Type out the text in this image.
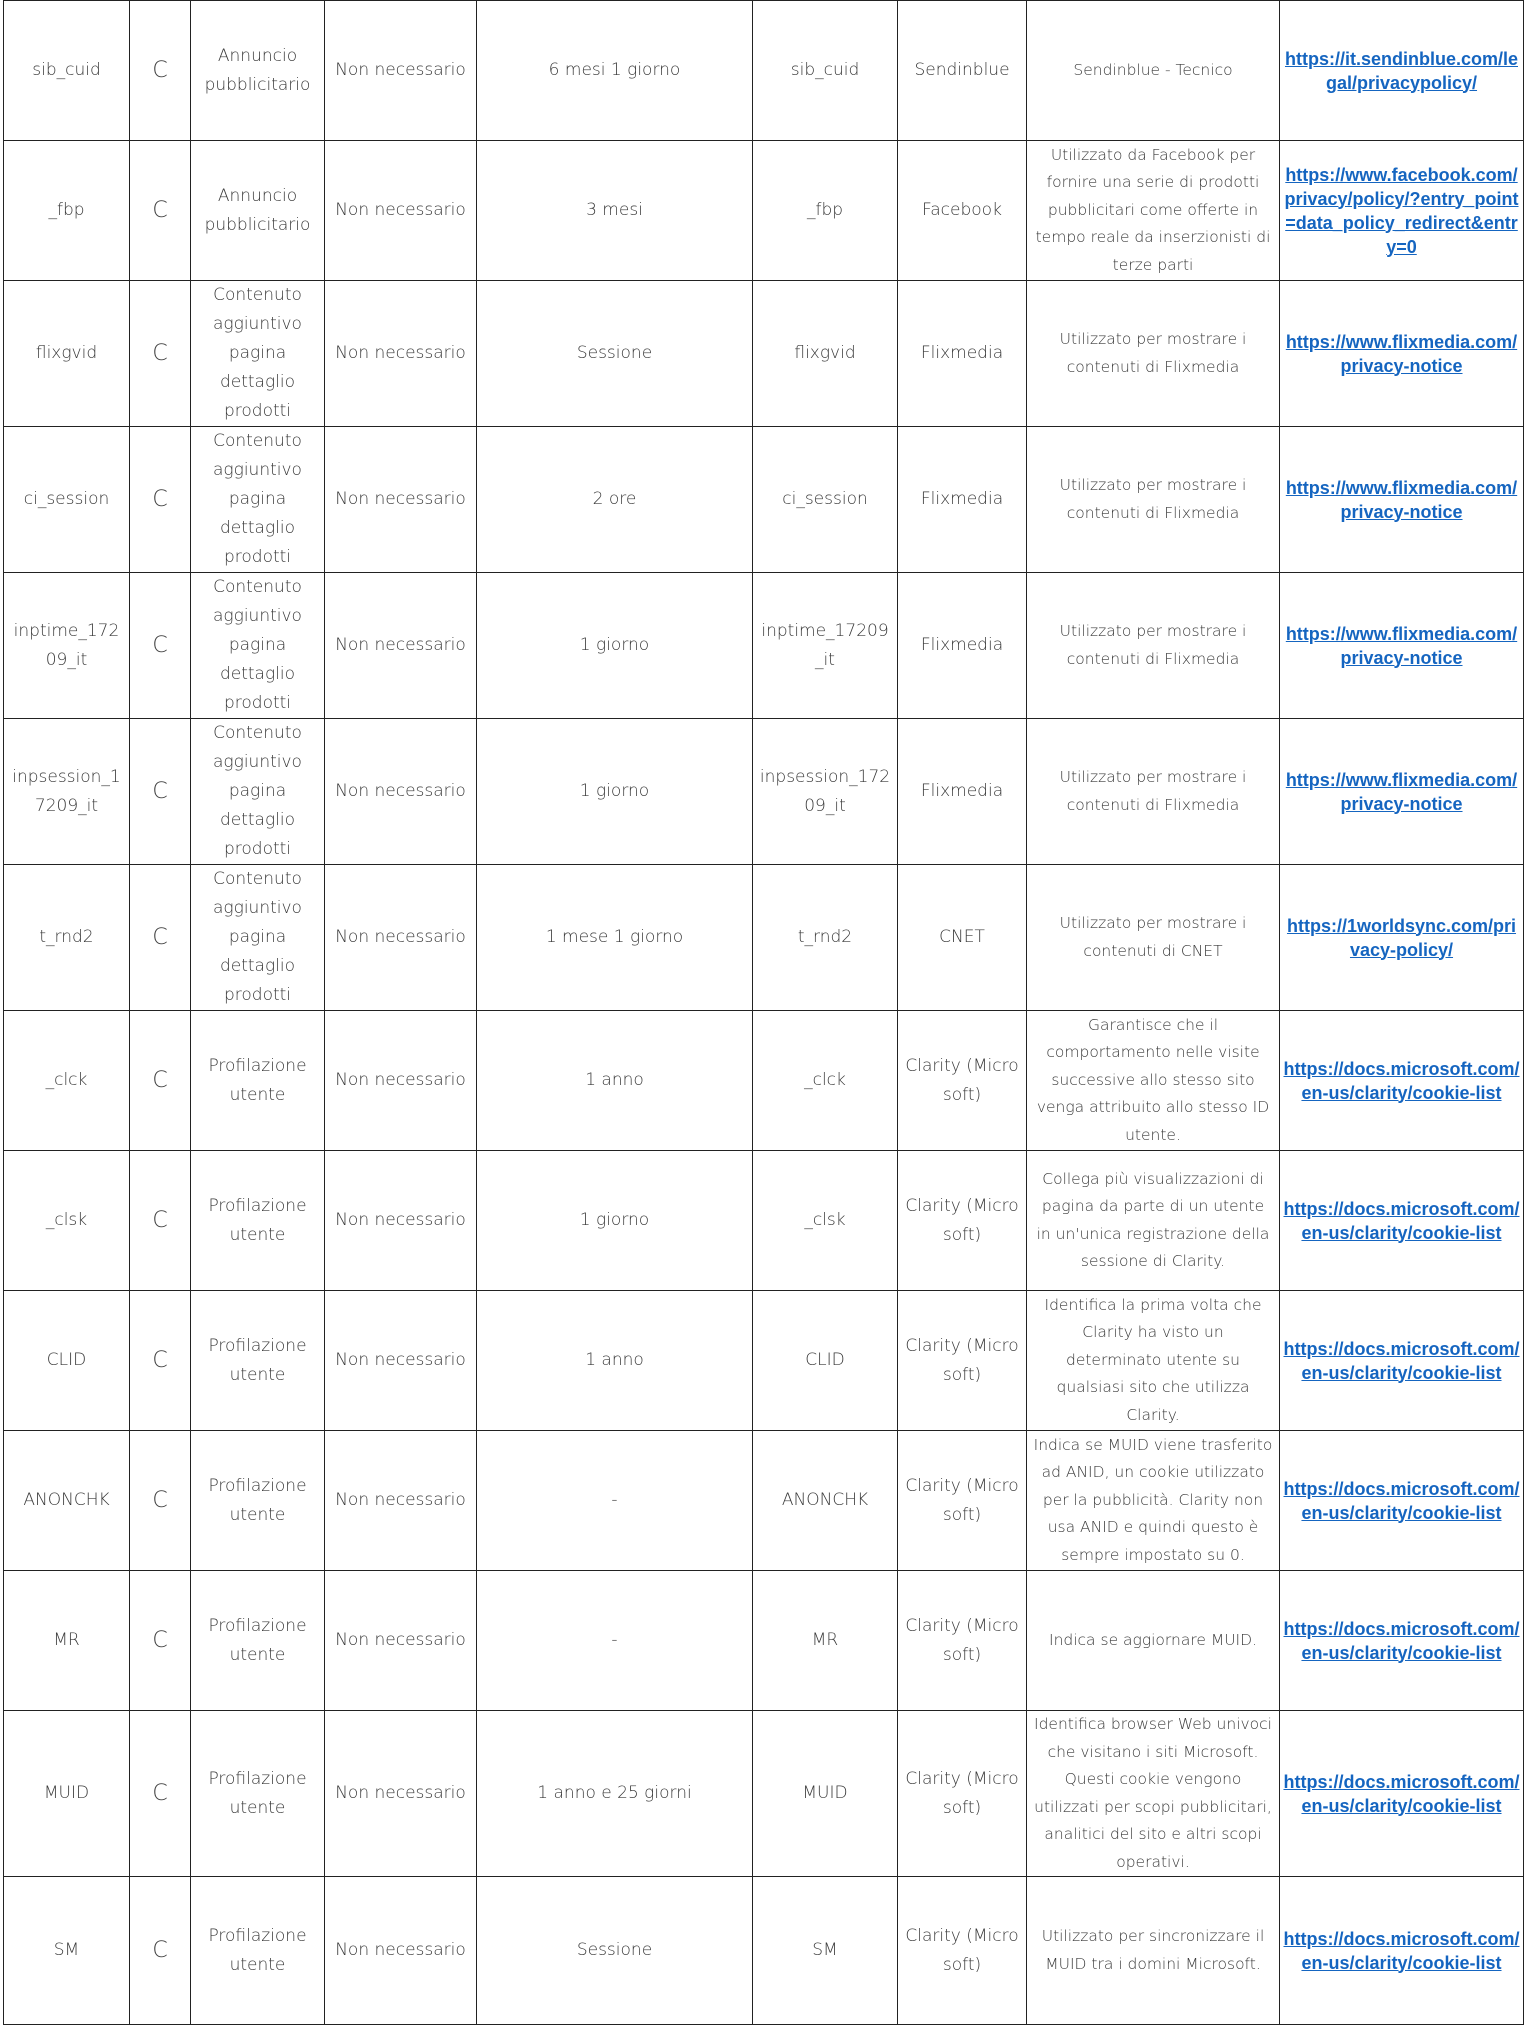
sib_cuid	C	Annuncio pubblicitario	Non necessario	6 mesi 1 giorno	sib_cuid	Sendinblue	Sendinblue - Tecnico	https://it.sendinblue.com/legal/privacypolicy/

_fbp	C	Annuncio pubblicitario	Non necessario	3 mesi	_fbp	Facebook	Utilizzato da Facebook per fornire una serie di prodotti pubblicitari come offerte in tempo reale da inserzionisti di terze parti	https://www.facebook.com/privacy/policy/?entry_point=data_policy_redirect&entry=0

flixgvid	C	Contenuto aggiuntivo pagina dettaglio prodotti	Non necessario	Sessione	flixgvid	Flixmedia	Utilizzato per mostrare i contenuti di Flixmedia	https://www.flixmedia.com/privacy-notice

ci_session	C	Contenuto aggiuntivo pagina dettaglio prodotti	Non necessario	2 ore	ci_session	Flixmedia	Utilizzato per mostrare i contenuti di Flixmedia	https://www.flixmedia.com/privacy-notice

inptime_17209_it	C	Contenuto aggiuntivo pagina dettaglio prodotti	Non necessario	1 giorno	inptime_17209_it	Flixmedia	Utilizzato per mostrare i contenuti di Flixmedia	https://www.flixmedia.com/privacy-notice

inpsession_17209_it	C	Contenuto aggiuntivo pagina dettaglio prodotti	Non necessario	1 giorno	inpsession_17209_it	Flixmedia	Utilizzato per mostrare i contenuti di Flixmedia	https://www.flixmedia.com/privacy-notice

t_rnd2	C	Contenuto aggiuntivo pagina dettaglio prodotti	Non necessario	1 mese 1 giorno	t_rnd2	CNET	Utilizzato per mostrare i contenuti di CNET	https://1worldsync.com/privacy-policy/

_clck	C	Profilazione utente	Non necessario	1 anno	_clck	Clarity (Microsoft)	Garantisce che il comportamento nelle visite successive allo stesso sito venga attribuito allo stesso ID utente.	https://docs.microsoft.com/en-us/clarity/cookie-list

_clsk	C	Profilazione utente	Non necessario	1 giorno	_clsk	Clarity (Microsoft)	Collega più visualizzazioni di pagina da parte di un utente in un'unica registrazione della sessione di Clarity.	https://docs.microsoft.com/en-us/clarity/cookie-list

CLID	C	Profilazione utente	Non necessario	1 anno	CLID	Clarity (Microsoft)	Identifica la prima volta che Clarity ha visto un determinato utente su qualsiasi sito che utilizza Clarity.	https://docs.microsoft.com/en-us/clarity/cookie-list

ANONCHK	C	Profilazione utente	Non necessario	-	ANONCHK	Clarity (Microsoft)	Indica se MUID viene trasferito ad ANID, un cookie utilizzato per la pubblicità. Clarity non usa ANID e quindi questo è sempre impostato su 0.	https://docs.microsoft.com/en-us/clarity/cookie-list

MR	C	Profilazione utente	Non necessario	-	MR	Clarity (Microsoft)	Indica se aggiornare MUID.	https://docs.microsoft.com/en-us/clarity/cookie-list

MUID	C	Profilazione utente	Non necessario	1 anno e 25 giorni	MUID	Clarity (Microsoft)	Identifica browser Web univoci che visitano i siti Microsoft. Questi cookie vengono utilizzati per scopi pubblicitari, analitici del sito e altri scopi operativi.	https://docs.microsoft.com/en-us/clarity/cookie-list

SM	C	Profilazione utente	Non necessario	Sessione	SM	Clarity (Microsoft)	Utilizzato per sincronizzare il MUID tra i domini Microsoft.	https://docs.microsoft.com/en-us/clarity/cookie-list
